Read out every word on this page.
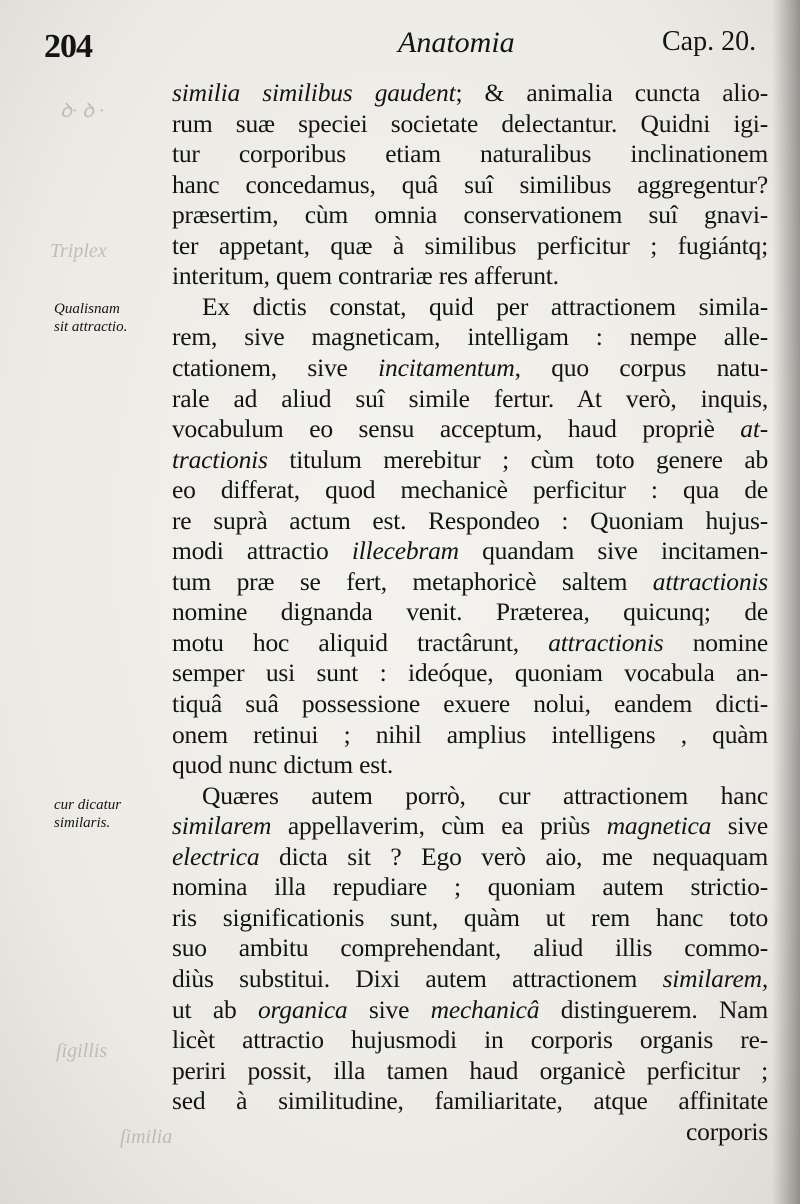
ꝺ· ꝺ ·
Triplex
ſigillis
ſimilia
204	Anatomia	Cap. 20.
Qualisnam
sit attractio.
cur dicatur
similaris.
similia similibus gaudent; & animalia cuncta alio-
rum suæ speciei societate delectantur. Quidni igi-
tur corporibus etiam naturalibus inclinationem
hanc concedamus, quâ suî similibus aggregentur?
præsertim, cùm omnia conservationem suî gnavi-
ter appetant, quæ à similibus perficitur ; fugiántq;
interitum, quem contrariæ res afferunt.
Ex dictis constat, quid per attractionem simila-
rem, sive magneticam, intelligam : nempe alle-
ctationem, sive incitamentum, quo corpus natu-
rale ad aliud suî simile fertur. At verò, inquis,
vocabulum eo sensu acceptum, haud propriè at-
tractionis titulum merebitur ; cùm toto genere ab
eo differat, quod mechanicè perficitur : qua de
re suprà actum est. Respondeo : Quoniam hujus-
modi attractio illecebram quandam sive incitamen-
tum præ se fert, metaphoricè saltem attractionis
nomine dignanda venit. Præterea, quicunq; de
motu hoc aliquid tractârunt, attractionis nomine
semper usi sunt : ideóque, quoniam vocabula an-
tiquâ suâ possessione exuere nolui, eandem dicti-
onem retinui ; nihil amplius intelligens , quàm
quod nunc dictum est.
Quæres autem porrò, cur attractionem hanc
similarem appellaverim, cùm ea priùs magnetica sive
electrica dicta sit ? Ego verò aio, me nequaquam
nomina illa repudiare ; quoniam autem strictio-
ris significationis sunt, quàm ut rem hanc toto
suo ambitu comprehendant, aliud illis commo-
diùs substitui. Dixi autem attractionem similarem,
ut ab organica sive mechanicâ distinguerem. Nam
licèt attractio hujusmodi in corporis organis re-
periri possit, illa tamen haud organicè perficitur ;
sed à similitudine, familiaritate, atque affinitate
corporis
